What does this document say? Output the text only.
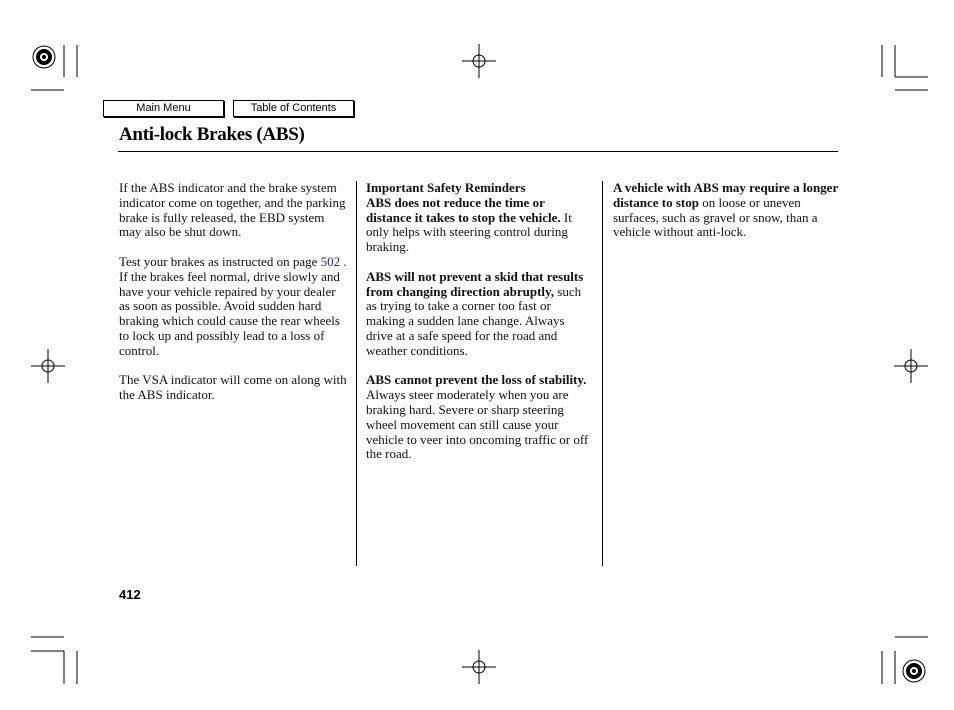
Main Menu	Table of Contents
Anti-lock Brakes (ABS)

If the ABS indicator and the brake system indicator come on together, and the parking brake is fully released, the EBD system may also be shut down.

Test your brakes as instructed on page 502 . If the brakes feel normal, drive slowly and have your vehicle repaired by your dealer as soon as possible. Avoid sudden hard braking which could cause the rear wheels to lock up and possibly lead to a loss of control.

The VSA indicator will come on along with the ABS indicator.

Important Safety Reminders
ABS does not reduce the time or distance it takes to stop the vehicle. It only helps with steering control during braking.

ABS will not prevent a skid that results from changing direction abruptly, such as trying to take a corner too fast or making a sudden lane change. Always drive at a safe speed for the road and weather conditions.

ABS cannot prevent the loss of stability. Always steer moderately when you are braking hard. Severe or sharp steering wheel movement can still cause your vehicle to veer into oncoming traffic or off the road.

A vehicle with ABS may require a longer distance to stop on loose or uneven surfaces, such as gravel or snow, than a vehicle without anti-lock.

412
